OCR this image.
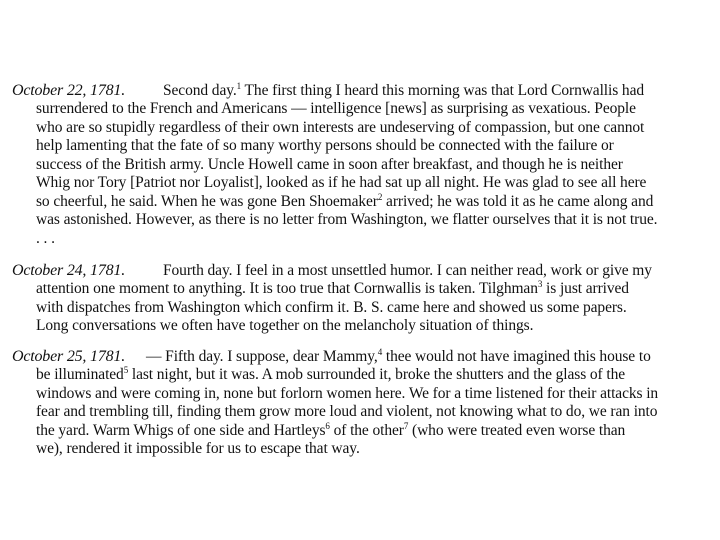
October 22, 1781. Second day.$^1$ The first thing I heard this morning was that Lord Cornwallis had
surrendered to the French and Americans — intelligence [news] as surprising as vexatious. People
who are so stupidly regardless of their own interests are undeserving of compassion, but one cannot
help lamenting that the fate of so many worthy persons should be connected with the failure or
success of the British army. Uncle Howell came in soon after breakfast, and though he is neither
Whig nor Tory [Patriot nor Loyalist], looked as if he had sat up all night. He was glad to see all here
so cheerful, he said. When he was gone Ben Shoemaker$^2$ arrived; he was told it as he came along and
was astonished. However, as there is no letter from Washington, we flatter ourselves that it is not true.
. . .
October 24, 1781. Fourth day. I feel in a most unsettled humor. I can neither read, work or give my
attention one moment to anything. It is too true that Cornwallis is taken. Tilghman$^3$ is just arrived
with dispatches from Washington which confirm it. B. S. came here and showed us some papers.
Long conversations we often have together on the melancholy situation of things.
October 25, 1781. — Fifth day. I suppose, dear Mammy,$^4$ thee would not have imagined this house to
be illuminated$^5$ last night, but it was. A mob surrounded it, broke the shutters and the glass of the
windows and were coming in, none but forlorn women here. We for a time listened for their attacks in
fear and trembling till, finding them grow more loud and violent, not knowing what to do, we ran into
the yard. Warm Whigs of one side and Hartleys$^6$ of the other$^7$ (who were treated even worse than
we), rendered it impossible for us to escape that way.
